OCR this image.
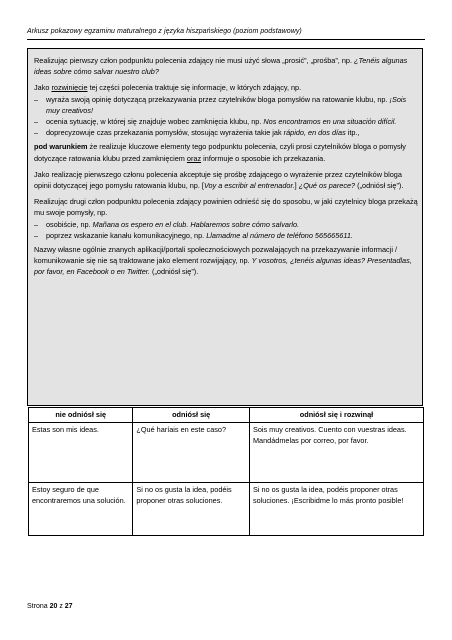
Arkusz pokazowy egzaminu maturalnego z języka hiszpańskiego (poziom podstawowy)

Realizując pierwszy człon podpunktu polecenia zdający nie musi użyć słowa „prosić”, „prośba”, np. ¿Tenéis algunas ideas sobre cómo salvar nuestro club?

Jako rozwinięcie tej części polecenia traktuje się informacje, w których zdający, np.
– wyraża swoją opinię dotyczącą przekazywania przez czytelników bloga pomysłów na ratowanie klubu, np. ¡Sois muy creativos!
– ocenia sytuację, w której się znajduje wobec zamknięcia klubu, np. Nos encontramos en una situación difícil.
– doprecyzowuje czas przekazania pomysłów, stosując wyrażenia takie jak rápido, en dos días itp.,

pod warunkiem że realizuje kluczowe elementy tego podpunktu polecenia, czyli prosi czytelników bloga o pomysły dotyczące ratowania klubu przed zamknięciem oraz informuje o sposobie ich przekazania.

Jako realizację pierwszego członu polecenia akceptuje się prośbę zdającego o wyrażenie przez czytelników bloga opinii dotyczącej jego pomysłu ratowania klubu, np. [Voy a escribir al entrenador.] ¿Qué os parece? („odniósł się”).

Realizując drugi człon podpunktu polecenia zdający powinien odnieść się do sposobu, w jaki czytelnicy bloga przekażą mu swoje pomysły, np.
– osobiście, np. Mañana os espero en el club. Hablaremos sobre cómo salvarlo.
– poprzez wskazanie kanału komunikacyjnego, np. Llamadme al número de teléfono 565665611.

Nazwy własne ogólnie znanych aplikacji/portali społecznościowych pozwalających na przekazywanie informacji / komunikowanie się nie są traktowane jako element rozwijający, np. Y vosotros, ¿tenéis algunas ideas? Presentadlas, por favor, en Facebook o en Twitter. („odniósł się”).

nie odniósł się	odniósł się	odniósł się i rozwinął
Estas son mis ideas.	¿Qué haríais en este caso?	Sois muy creativos. Cuento con vuestras ideas. Mandádmelas por correo, por favor.
Estoy seguro de que encontraremos una solución.	Si no os gusta la idea, podéis proponer otras soluciones.	Si no os gusta la idea, podéis proponer otras soluciones. ¡Escribidme lo más pronto posible!
Strona 20 z 27
